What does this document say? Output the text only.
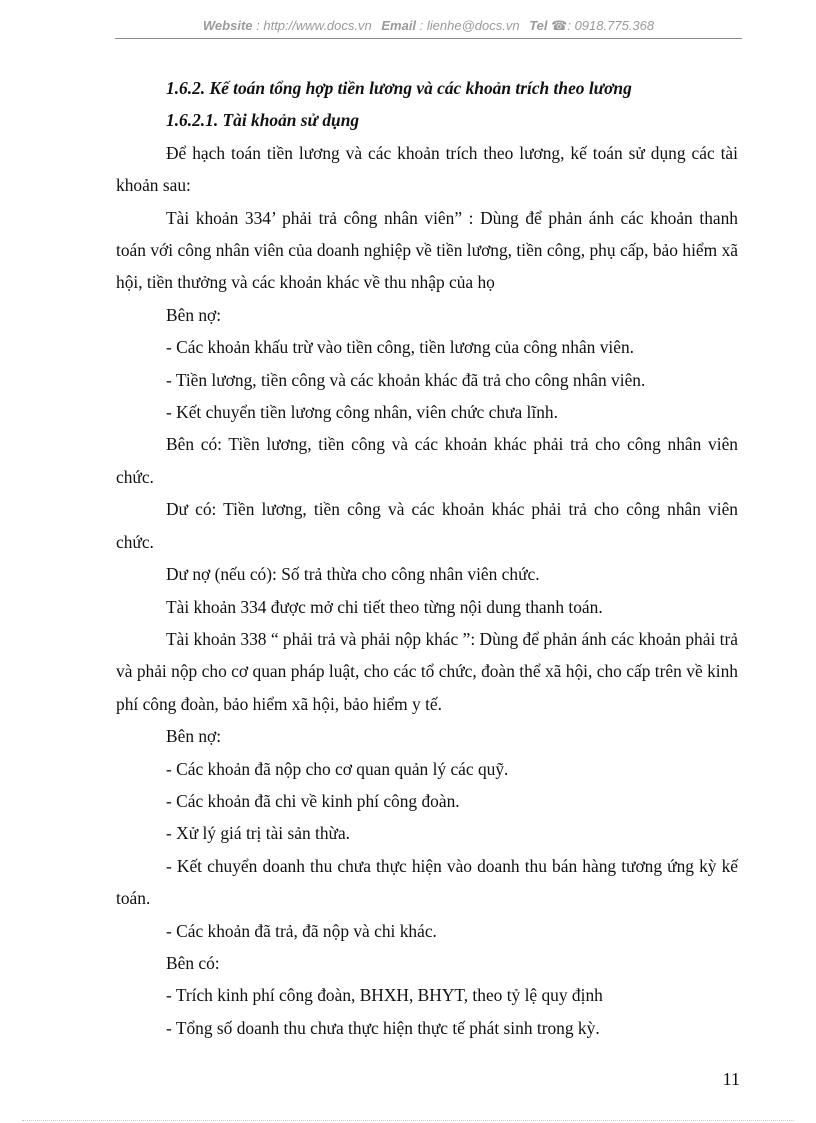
Website : http://www.docs.vn Email : lienhe@docs.vn Tel ☎: 0918.775.368

1.6.2. Kế toán tổng hợp tiền lương và các khoản trích theo lương

1.6.2.1. Tài khoản sử dụng

Để hạch toán tiền lương và các khoản trích theo lương, kế toán sử dụng các tài khoản sau:

Tài khoản 334’ phải trả công nhân viên” : Dùng để phản ánh các khoản thanh toán với công nhân viên của doanh nghiệp về tiền lương, tiền công, phụ cấp, bảo hiểm xã hội, tiền thưởng và các khoản khác về thu nhập của họ

Bên nợ:

- Các khoản khấu trừ vào tiền công, tiền lương của công nhân viên.

- Tiền lương, tiền công và các khoản khác đã trả cho công nhân viên.

- Kết chuyển tiền lương công nhân, viên chức chưa lĩnh.

Bên có: Tiền lương, tiền công và các khoản khác phải trả cho công nhân viên chức.

Dư có: Tiền lương, tiền công và các khoản khác phải trả cho công nhân viên chức.

Dư nợ (nếu có): Số trả thừa cho công nhân viên chức.

Tài khoản 334 được mở chi tiết theo từng nội dung thanh toán.

Tài khoản 338 “ phải trả và phải nộp khác ”: Dùng để phản ánh các khoản phải trả và phải nộp cho cơ quan pháp luật, cho các tổ chức, đoàn thể xã hội, cho cấp trên về kinh phí công đoàn, bảo hiểm xã hội, bảo hiểm y tế.

Bên nợ:

- Các khoản đã nộp cho cơ quan quản lý các quỹ.

- Các khoản đã chi về kinh phí công đoàn.

- Xử lý giá trị tài sản thừa.

- Kết chuyển doanh thu chưa thực hiện vào doanh thu bán hàng tương ứng kỳ kế toán.

- Các khoản đã trả, đã nộp và chi khác.

Bên có:

- Trích kinh phí công đoàn, BHXH, BHYT, theo tỷ lệ quy định

- Tổng số doanh thu chưa thực hiện thực tế phát sinh trong kỳ.

11
